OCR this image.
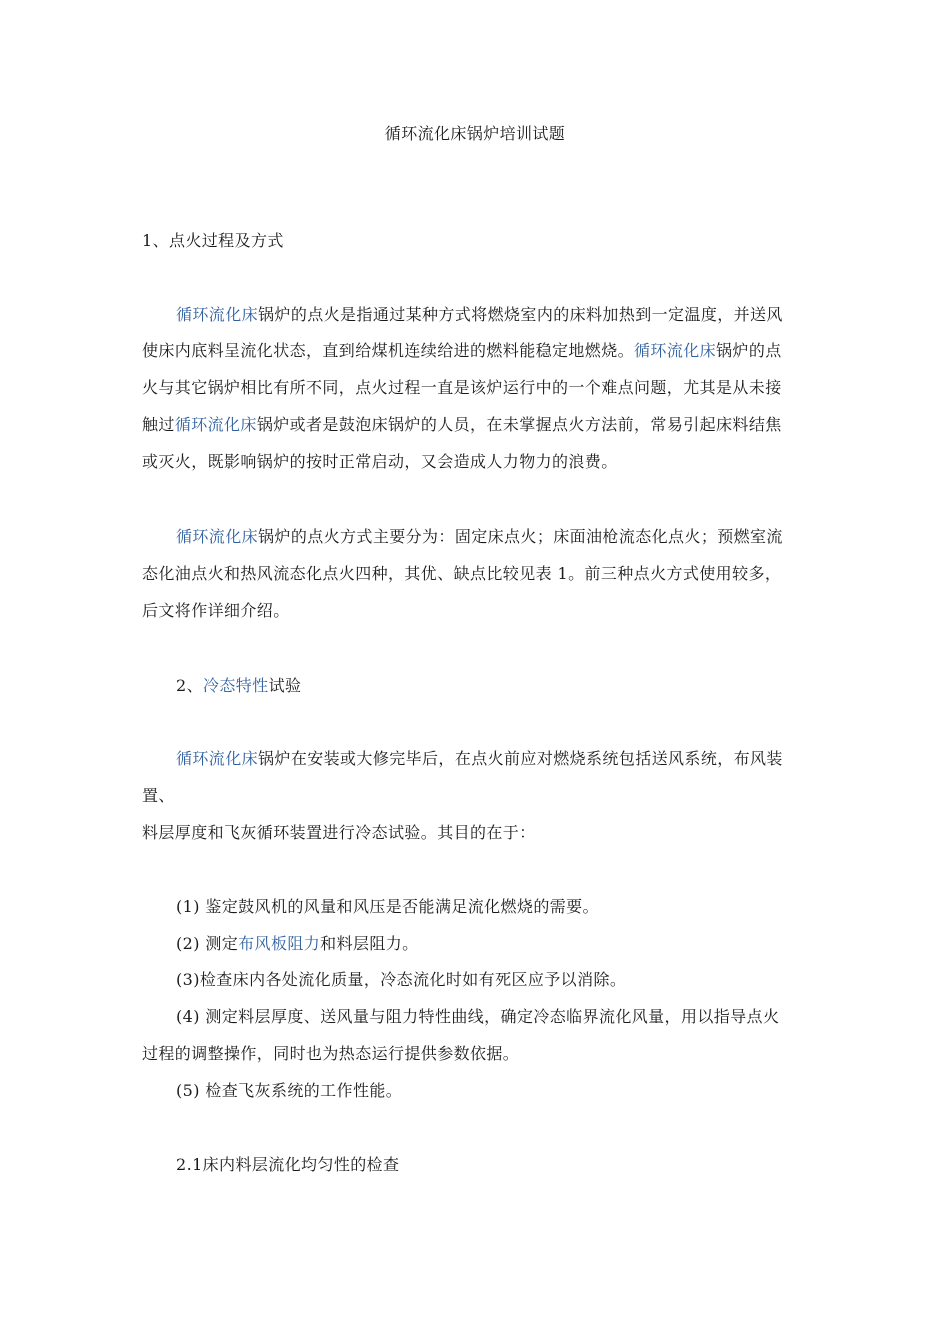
循环流化床锅炉培训试题
1、点火过程及方式
循环流化床锅炉的点火是指通过某种方式将燃烧室内的床料加热到一定温度，并送风
使床内底料呈流化状态，直到给煤机连续给进的燃料能稳定地燃烧。循环流化床锅炉的点
火与其它锅炉相比有所不同，点火过程一直是该炉运行中的一个难点问题，尤其是从未接
触过循环流化床锅炉或者是鼓泡床锅炉的人员，在未掌握点火方法前，常易引起床料结焦
或灭火，既影响锅炉的按时正常启动，又会造成人力物力的浪费。
循环流化床锅炉的点火方式主要分为：固定床点火；床面油枪流态化点火；预燃室流
态化油点火和热风流态化点火四种，其优、缺点比较见表 1。前三种点火方式使用较多，
后文将作详细介绍。
2、冷态特性试验
循环流化床锅炉在安装或大修完毕后，在点火前应对燃烧系统包括送风系统，布风装
置、
料层厚度和飞灰循环装置进行冷态试验。其目的在于：
(1) 鉴定鼓风机的风量和风压是否能满足流化燃烧的需要。
(2) 测定布风板阻力和料层阻力。
(3)检查床内各处流化质量，冷态流化时如有死区应予以消除。
(4) 测定料层厚度、送风量与阻力特性曲线，确定冷态临界流化风量，用以指导点火
过程的调整操作，同时也为热态运行提供参数依据。
(5) 检查飞灰系统的工作性能。
2.1床内料层流化均匀性的检查
